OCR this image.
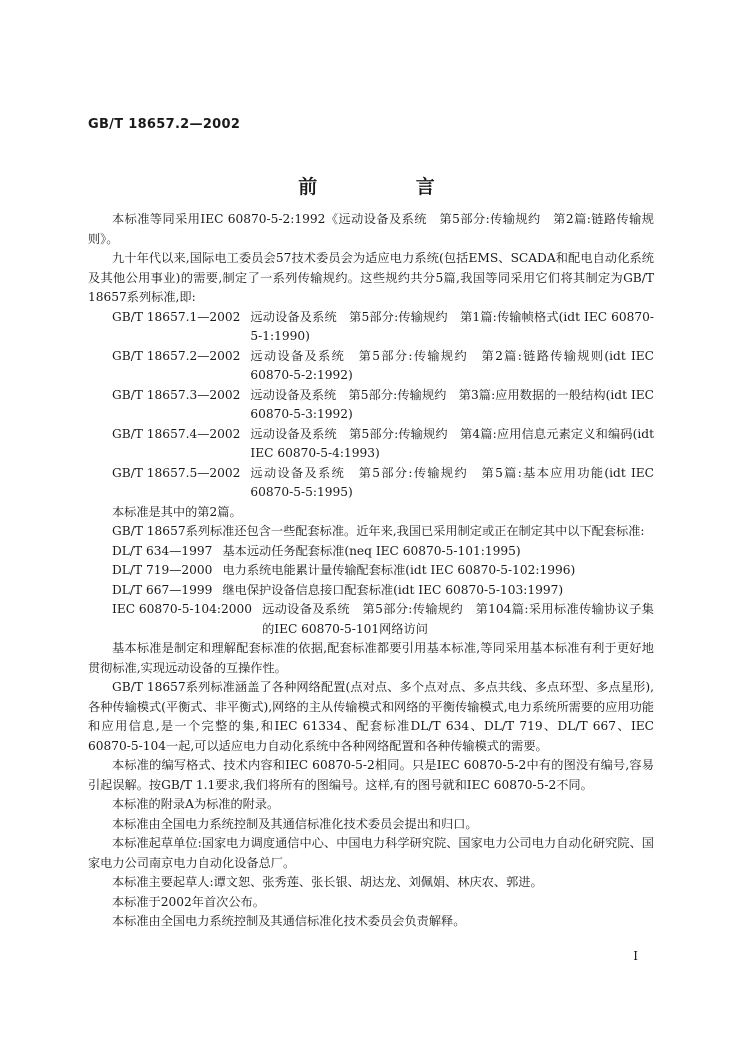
GB/T 18657.2—2002
前 言

本标准等同采用IEC 60870-5-2:1992《远动设备及系统　第5部分:传输规约　第2篇:链路传输规则》。

九十年代以来,国际电工委员会57技术委员会为适应电力系统(包括EMS、SCADA和配电自动化系统及其他公用事业)的需要,制定了一系列传输规约。这些规约共分5篇,我国等同采用它们将其制定为GB/T 18657系列标准,即:

GB/T 18657.1—2002 远动设备及系统　第5部分:传输规约　第1篇:传输帧格式(idt IEC 60870-5-1:1990)
GB/T 18657.2—2002 远动设备及系统　第5部分:传输规约　第2篇:链路传输规则(idt IEC 60870-5-2:1992)
GB/T 18657.3—2002 远动设备及系统　第5部分:传输规约　第3篇:应用数据的一般结构(idt IEC 60870-5-3:1992)
GB/T 18657.4—2002 远动设备及系统　第5部分:传输规约　第4篇:应用信息元素定义和编码(idt IEC 60870-5-4:1993)
GB/T 18657.5—2002 远动设备及系统　第5部分:传输规约　第5篇:基本应用功能(idt IEC 60870-5-5:1995)

本标准是其中的第2篇。

GB/T 18657系列标准还包含一些配套标准。近年来,我国已采用制定或正在制定其中以下配套标准:

DL/T 634—1997 基本远动任务配套标准(neq IEC 60870-5-101:1995)
DL/T 719—2000 电力系统电能累计量传输配套标准(idt IEC 60870-5-102:1996)
DL/T 667—1999 继电保护设备信息接口配套标准(idt IEC 60870-5-103:1997)
IEC 60870-5-104:2000 远动设备及系统　第5部分:传输规约　第104篇:采用标准传输协议子集的IEC 60870-5-101网络访问

基本标准是制定和理解配套标准的依据,配套标准都要引用基本标准,等同采用基本标准有利于更好地贯彻标准,实现远动设备的互操作性。

GB/T 18657系列标准涵盖了各种网络配置(点对点、多个点对点、多点共线、多点环型、多点星形),各种传输模式(平衡式、非平衡式),网络的主从传输模式和网络的平衡传输模式,电力系统所需要的应用功能和应用信息,是一个完整的集,和IEC 61334、配套标准DL/T 634、DL/T 719、DL/T 667、IEC 60870-5-104一起,可以适应电力自动化系统中各种网络配置和各种传输模式的需要。

本标准的编写格式、技术内容和IEC 60870-5-2相同。只是IEC 60870-5-2中有的图没有编号,容易引起误解。按GB/T 1.1要求,我们将所有的图编号。这样,有的图号就和IEC 60870-5-2不同。

本标准的附录A为标准的附录。

本标准由全国电力系统控制及其通信标准化技术委员会提出和归口。

本标准起草单位:国家电力调度通信中心、中国电力科学研究院、国家电力公司电力自动化研究院、国家电力公司南京电力自动化设备总厂。

本标准主要起草人:谭文恕、张秀莲、张长银、胡达龙、刘佩娟、林庆农、郭进。

本标准于2002年首次公布。

本标准由全国电力系统控制及其通信标准化技术委员会负责解释。

I
